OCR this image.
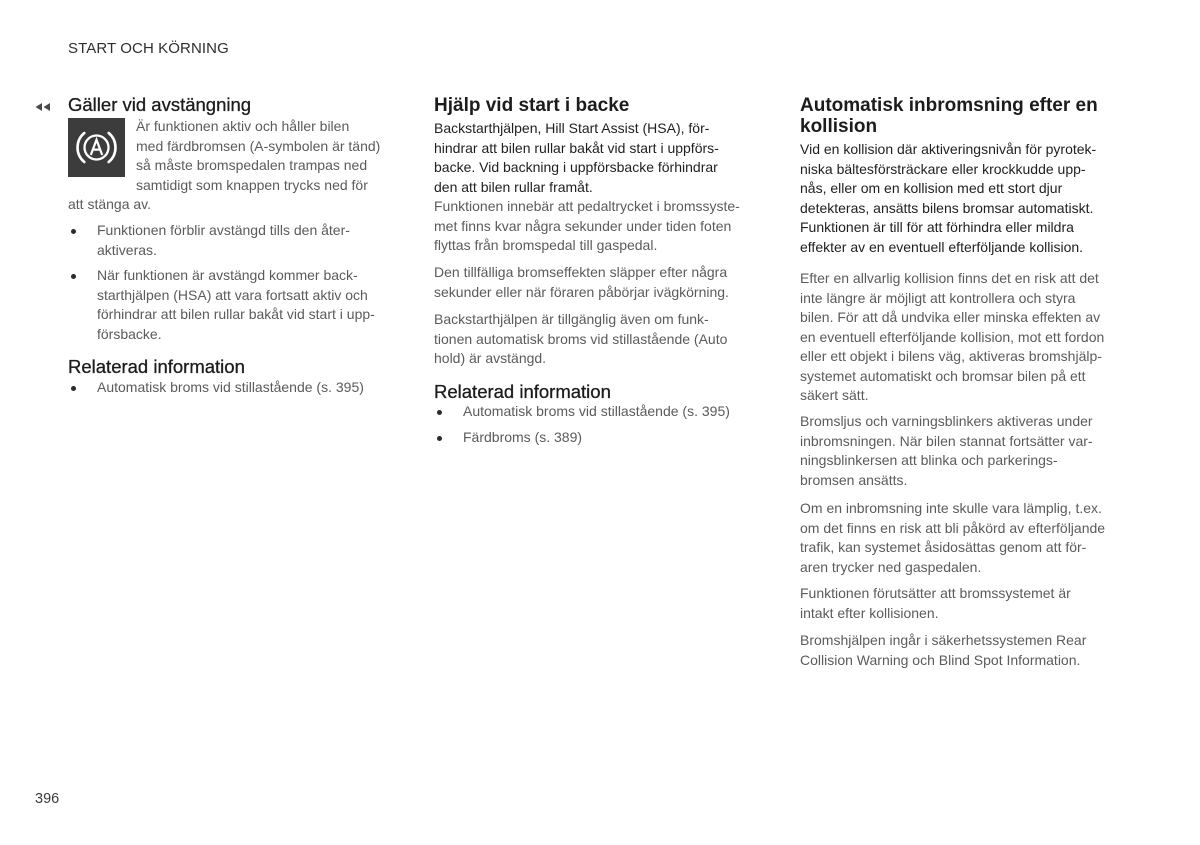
START OCH KÖRNING
Gäller vid avstängning
Är funktionen aktiv och håller bilen
med färdbromsen (A-symbolen är tänd)
så måste bromspedalen trampas ned
samtidigt som knappen trycks ned för
att stänga av.
Funktionen förblir avstängd tills den åter-
aktiveras.
När funktionen är avstängd kommer back-
starthjälpen (HSA) att vara fortsatt aktiv och
förhindrar att bilen rullar bakåt vid start i upp-
försbacke.
Relaterad information
Automatisk broms vid stillastående (s. 395)
Hjälp vid start i backe
Backstarthjälpen, Hill Start Assist (HSA), för-
hindrar att bilen rullar bakåt vid start i uppförs-
backe. Vid backning i uppförsbacke förhindrar
den att bilen rullar framåt.
Funktionen innebär att pedaltrycket i bromssyste-
met finns kvar några sekunder under tiden foten
flyttas från bromspedal till gaspedal.
Den tillfälliga bromseffekten släpper efter några
sekunder eller när föraren påbörjar ivägkörning.
Backstarthjälpen är tillgänglig även om funk-
tionen automatisk broms vid stillastående (Auto
hold) är avstängd.
Relaterad information
Automatisk broms vid stillastående (s. 395)
Färdbroms (s. 389)
Automatisk inbromsning efter en
kollision
Vid en kollision där aktiveringsnivån för pyrotek-
niska bältesförsträckare eller krockkudde upp-
nås, eller om en kollision med ett stort djur
detekteras, ansätts bilens bromsar automatiskt.
Funktionen är till för att förhindra eller mildra
effekter av en eventuell efterföljande kollision.
Efter en allvarlig kollision finns det en risk att det
inte längre är möjligt att kontrollera och styra
bilen. För att då undvika eller minska effekten av
en eventuell efterföljande kollision, mot ett fordon
eller ett objekt i bilens väg, aktiveras bromshjälp-
systemet automatiskt och bromsar bilen på ett
säkert sätt.
Bromsljus och varningsblinkers aktiveras under
inbromsningen. När bilen stannat fortsätter var-
ningsblinkersen att blinka och parkerings-
bromsen ansätts.
Om en inbromsning inte skulle vara lämplig, t.ex.
om det finns en risk att bli påkörd av efterföljande
trafik, kan systemet åsidosättas genom att för-
aren trycker ned gaspedalen.
Funktionen förutsätter att bromssystemet är
intakt efter kollisionen.
Bromshjälpen ingår i säkerhetssystemen Rear
Collision Warning och Blind Spot Information.
396
